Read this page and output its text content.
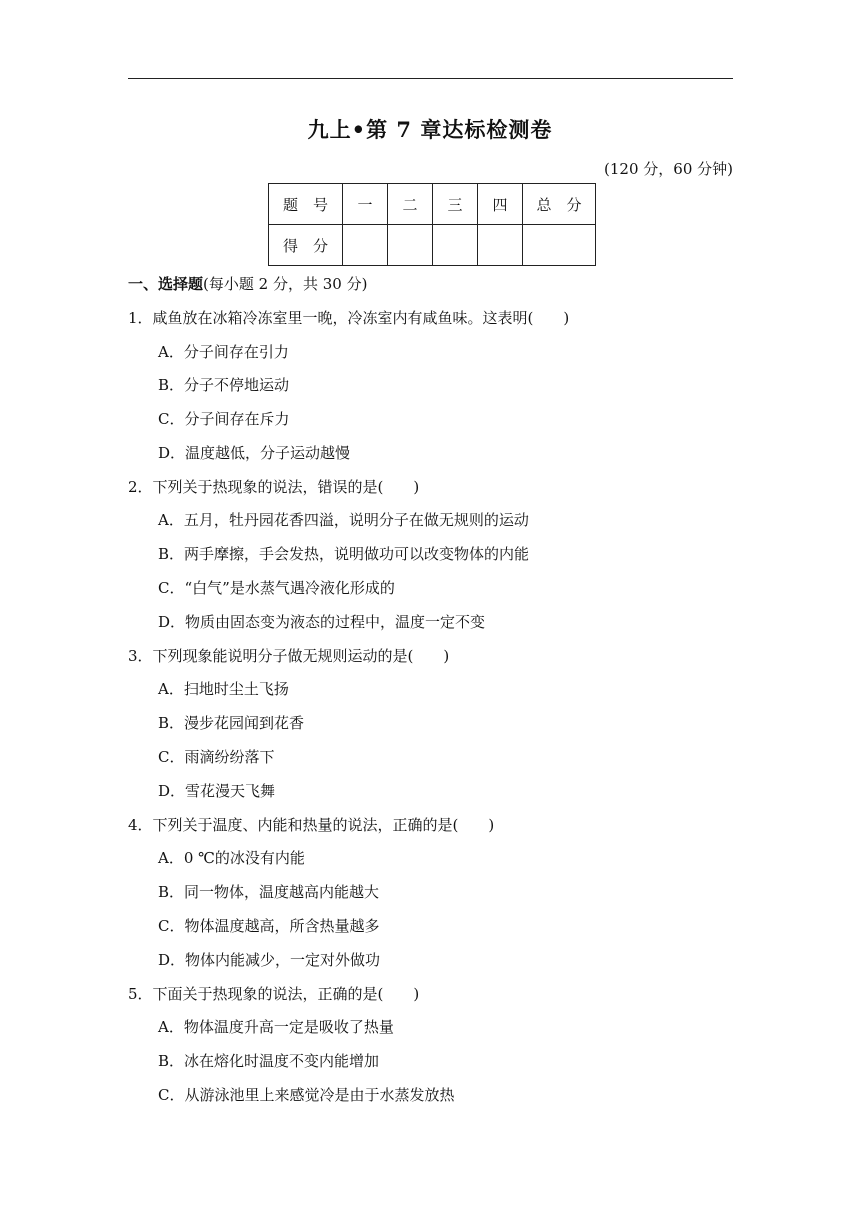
九上•第 7 章达标检测卷
(120 分，60 分钟)
题　号	一	二	三	四	总　分
得　分					
一、选择题(每小题 2 分，共 30 分)
1．咸鱼放在冰箱冷冻室里一晚，冷冻室内有咸鱼味。这表明(　　)
A．分子间存在引力
B．分子不停地运动
C．分子间存在斥力
D．温度越低，分子运动越慢
2．下列关于热现象的说法，错误的是(　　)
A．五月，牡丹园花香四溢，说明分子在做无规则的运动
B．两手摩擦，手会发热，说明做功可以改变物体的内能
C．“白气”是水蒸气遇冷液化形成的
D．物质由固态变为液态的过程中，温度一定不变
3．下列现象能说明分子做无规则运动的是(　　)
A．扫地时尘土飞扬
B．漫步花园闻到花香
C．雨滴纷纷落下
D．雪花漫天飞舞
4．下列关于温度、内能和热量的说法，正确的是(　　)
A．0 ℃的冰没有内能
B．同一物体，温度越高内能越大
C．物体温度越高，所含热量越多
D．物体内能减少，一定对外做功
5．下面关于热现象的说法，正确的是(　　)
A．物体温度升高一定是吸收了热量
B．冰在熔化时温度不变内能增加
C．从游泳池里上来感觉冷是由于水蒸发放热
